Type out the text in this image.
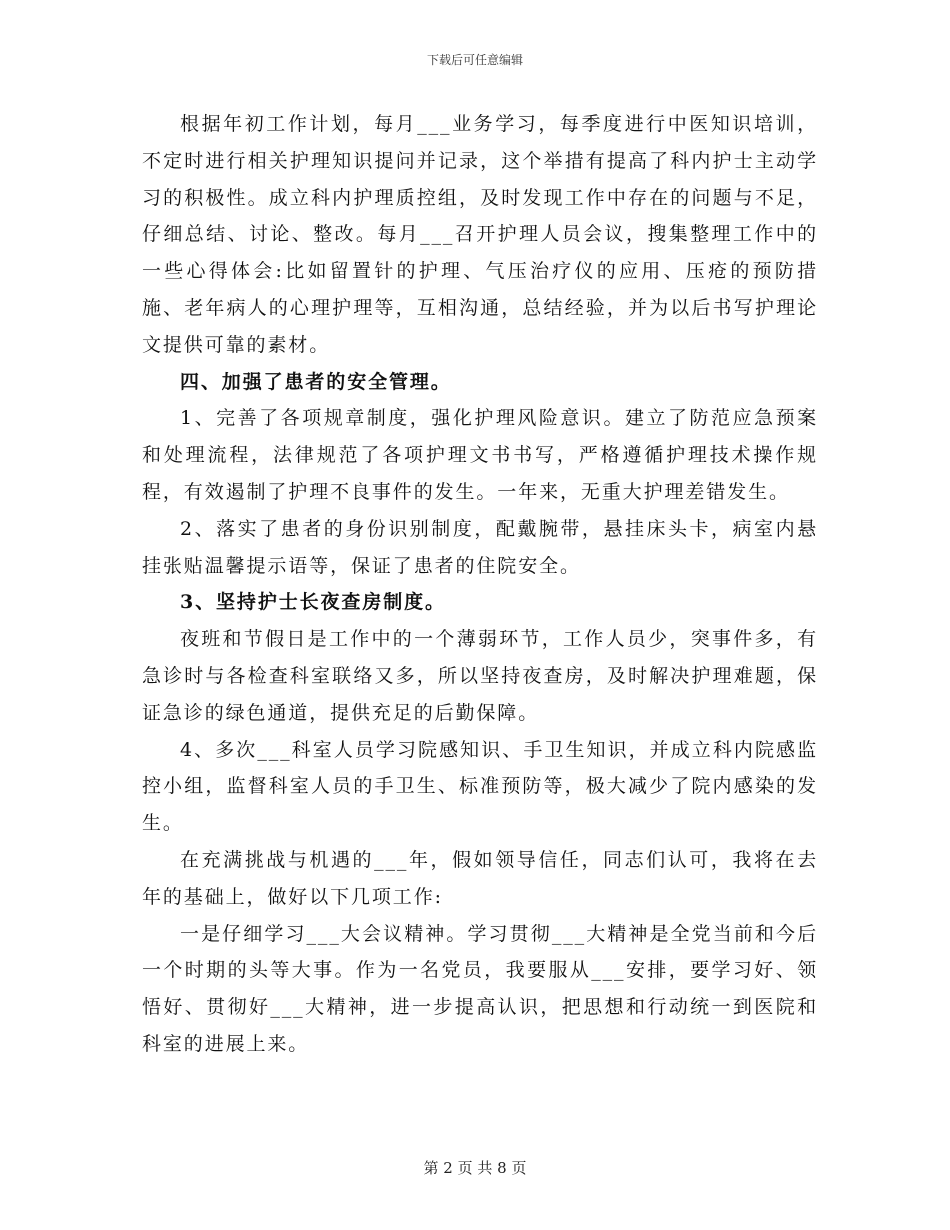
下载后可任意编辑

根据年初工作计划，每月___业务学习，每季度进行中医知识培训，不定时进行相关护理知识提问并记录，这个举措有提高了科内护士主动学习的积极性。成立科内护理质控组，及时发现工作中存在的问题与不足，仔细总结、讨论、整改。每月___召开护理人员会议，搜集整理工作中的一些心得体会:比如留置针的护理、气压治疗仪的应用、压疮的预防措施、老年病人的心理护理等，互相沟通，总结经验，并为以后书写护理论文提供可靠的素材。

四、加强了患者的安全管理。

1、完善了各项规章制度，强化护理风险意识。建立了防范应急预案和处理流程，法律规范了各项护理文书书写，严格遵循护理技术操作规程，有效遏制了护理不良事件的发生。一年来，无重大护理差错发生。

2、落实了患者的身份识别制度，配戴腕带，悬挂床头卡，病室内悬挂张贴温馨提示语等，保证了患者的住院安全。

3、坚持护士长夜查房制度。

夜班和节假日是工作中的一个薄弱环节，工作人员少，突事件多，有急诊时与各检查科室联络又多，所以坚持夜查房，及时解决护理难题，保证急诊的绿色通道，提供充足的后勤保障。

4、多次___科室人员学习院感知识、手卫生知识，并成立科内院感监控小组，监督科室人员的手卫生、标准预防等，极大减少了院内感染的发生。

在充满挑战与机遇的___年，假如领导信任，同志们认可，我将在去年的基础上，做好以下几项工作:

一是仔细学习___大会议精神。学习贯彻___大精神是全党当前和今后一个时期的头等大事。作为一名党员，我要服从___安排，要学习好、领悟好、贯彻好___大精神，进一步提高认识，把思想和行动统一到医院和科室的进展上来。

第 2 页 共 8 页
